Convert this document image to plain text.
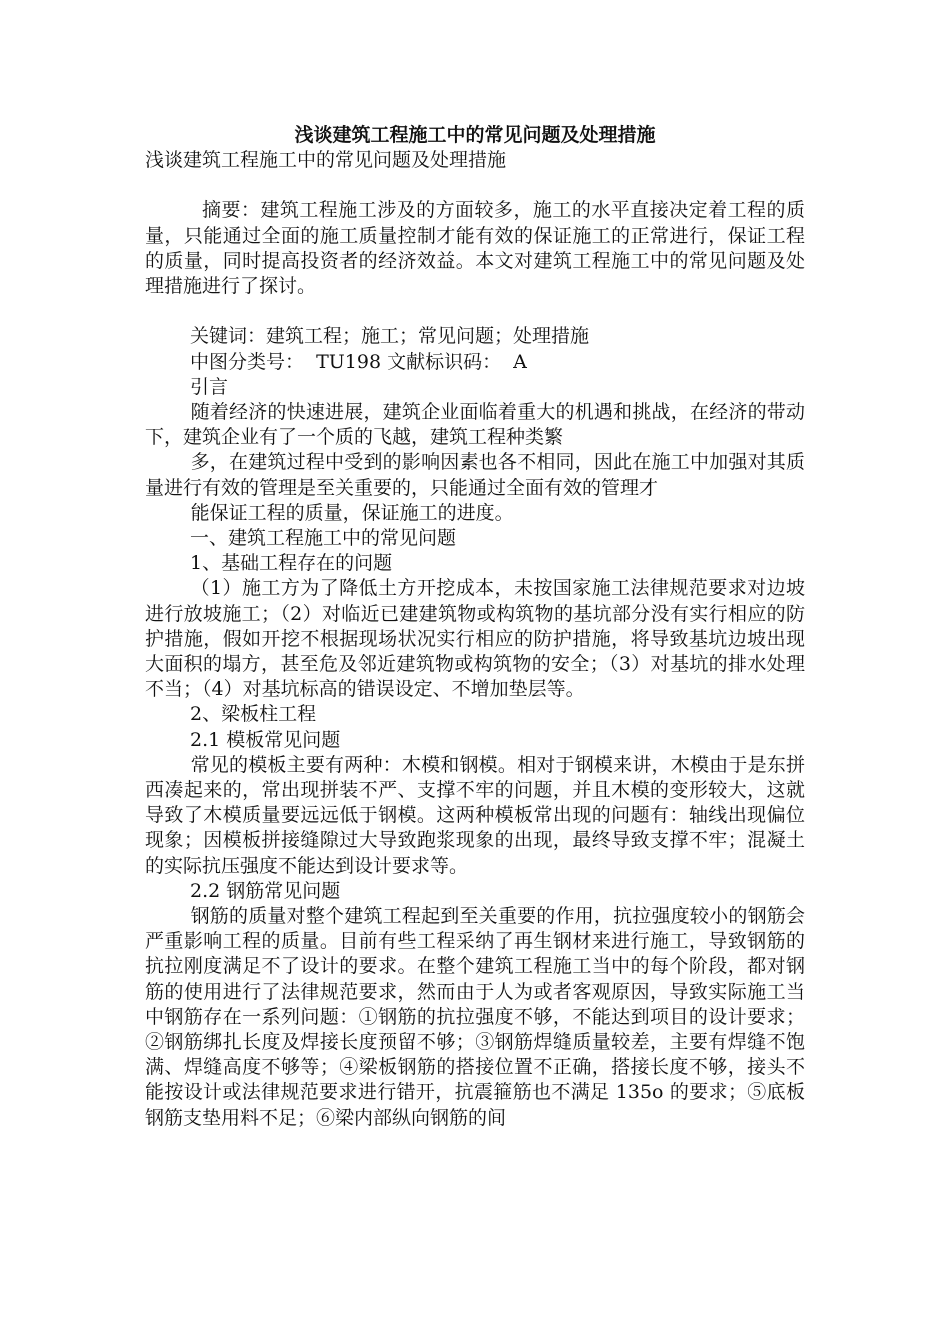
浅谈建筑工程施工中的常见问题及处理措施

浅谈建筑工程施工中的常见问题及处理措施

摘要：建筑工程施工涉及的方面较多，施工的水平直接决定着工程的质量，只能通过全面的施工质量控制才能有效的保证施工的正常进行，保证工程的质量，同时提高投资者的经济效益。本文对建筑工程施工中的常见问题及处理措施进行了探讨。

关键词：建筑工程；施工；常见问题；处理措施

中图分类号：  TU198 文献标识码：  A

引言

随着经济的快速进展，建筑企业面临着重大的机遇和挑战，在经济的带动下，建筑企业有了一个质的飞越，建筑工程种类繁

多，在建筑过程中受到的影响因素也各不相同，因此在施工中加强对其质量进行有效的管理是至关重要的，只能通过全面有效的管理才

能保证工程的质量，保证施工的进度。

一、建筑工程施工中的常见问题

1、基础工程存在的问题

（1）施工方为了降低土方开挖成本，未按国家施工法律规范要求对边坡进行放坡施工；（2）对临近已建建筑物或构筑物的基坑部分没有实行相应的防护措施，假如开挖不根据现场状况实行相应的防护措施，将导致基坑边坡出现大面积的塌方，甚至危及邻近建筑物或构筑物的安全；（3）对基坑的排水处理不当；（4）对基坑标高的错误设定、不增加垫层等。

2、梁板柱工程

2.1 模板常见问题

常见的模板主要有两种：木模和钢模。相对于钢模来讲，木模由于是东拼西凑起来的，常出现拼装不严、支撑不牢的问题，并且木模的变形较大，这就导致了木模质量要远远低于钢模。这两种模板常出现的问题有：轴线出现偏位现象；因模板拼接缝隙过大导致跑浆现象的出现，最终导致支撑不牢；混凝土的实际抗压强度不能达到设计要求等。

2.2 钢筋常见问题

钢筋的质量对整个建筑工程起到至关重要的作用，抗拉强度较小的钢筋会严重影响工程的质量。目前有些工程采纳了再生钢材来进行施工，导致钢筋的抗拉刚度满足不了设计的要求。在整个建筑工程施工当中的每个阶段，都对钢筋的使用进行了法律规范要求，然而由于人为或者客观原因，导致实际施工当中钢筋存在一系列问题：①钢筋的抗拉强度不够，不能达到项目的设计要求；②钢筋绑扎长度及焊接长度预留不够；③钢筋焊缝质量较差，主要有焊缝不饱满、焊缝高度不够等；④梁板钢筋的搭接位置不正确，搭接长度不够，接头不能按设计或法律规范要求进行错开，抗震箍筋也不满足 135o 的要求；⑤底板钢筋支垫用料不足；⑥梁内部纵向钢筋的间
